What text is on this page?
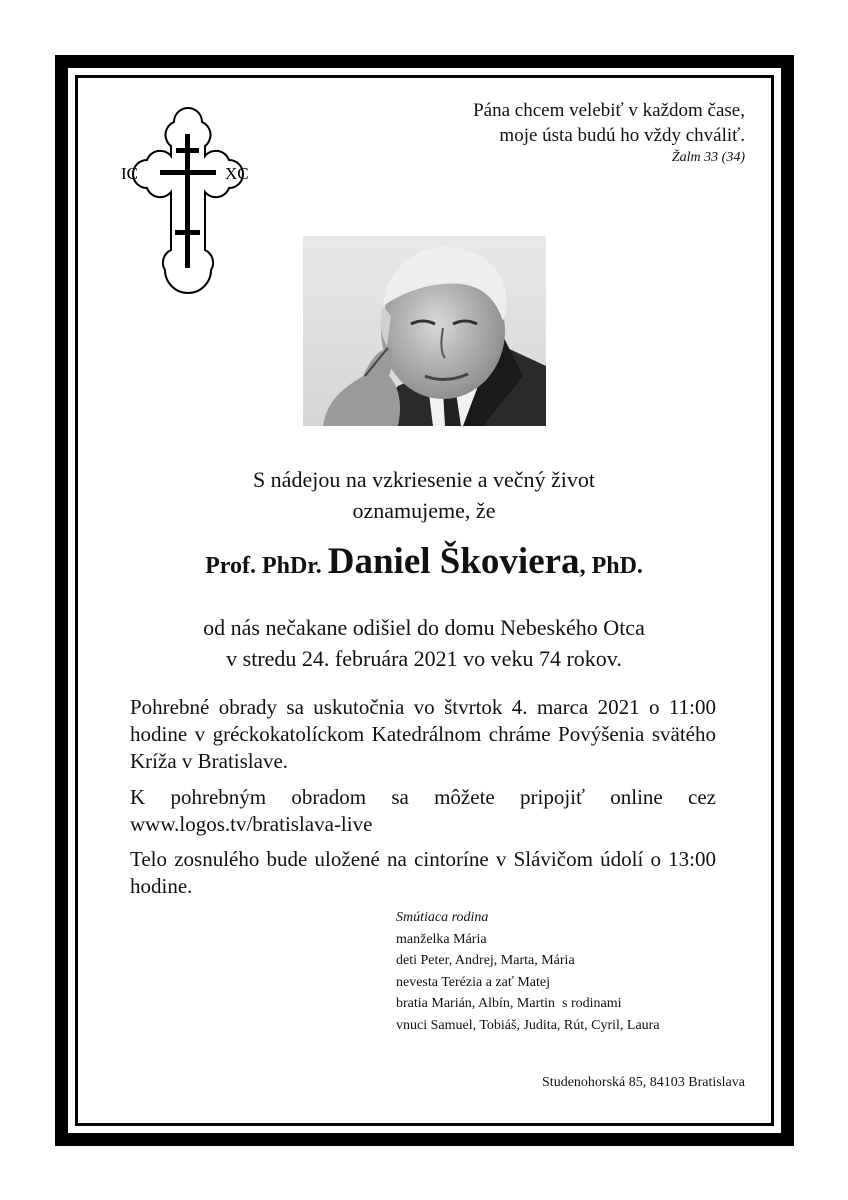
Pána chcem velebiť v každom čase,
moje ústa budú ho vždy chváliť.
Žalm 33 (34)
IC	XC
S nádejou na vzkriesenie a večný život
oznamujeme, že
Prof. PhDr. Daniel Škoviera, PhD.
od nás nečakane odišiel do domu Nebeského Otca
v stredu 24. februára 2021 vo veku 74 rokov.
Pohrebné obrady sa uskutočnia vo štvrtok 4. marca 2021 o 11:00 hodine v gréckokatolíckom Katedrálnom chráme Povýšenia svätého Kríža v Bratislave.
K pohrebným obradom sa môžete pripojiť online cez www.logos.tv/bratislava-live
Telo zosnulého bude uložené na cintoríne v Slávičom údolí o 13:00 hodine.
Smútiaca rodina
manželka Mária
deti Peter, Andrej, Marta, Mária
nevesta Terézia a zať Matej
bratia Marián, Albín, Martin  s rodinami
vnuci Samuel, Tobiáš, Judita, Rút, Cyril, Laura
Studenohorská 85, 84103 Bratislava
